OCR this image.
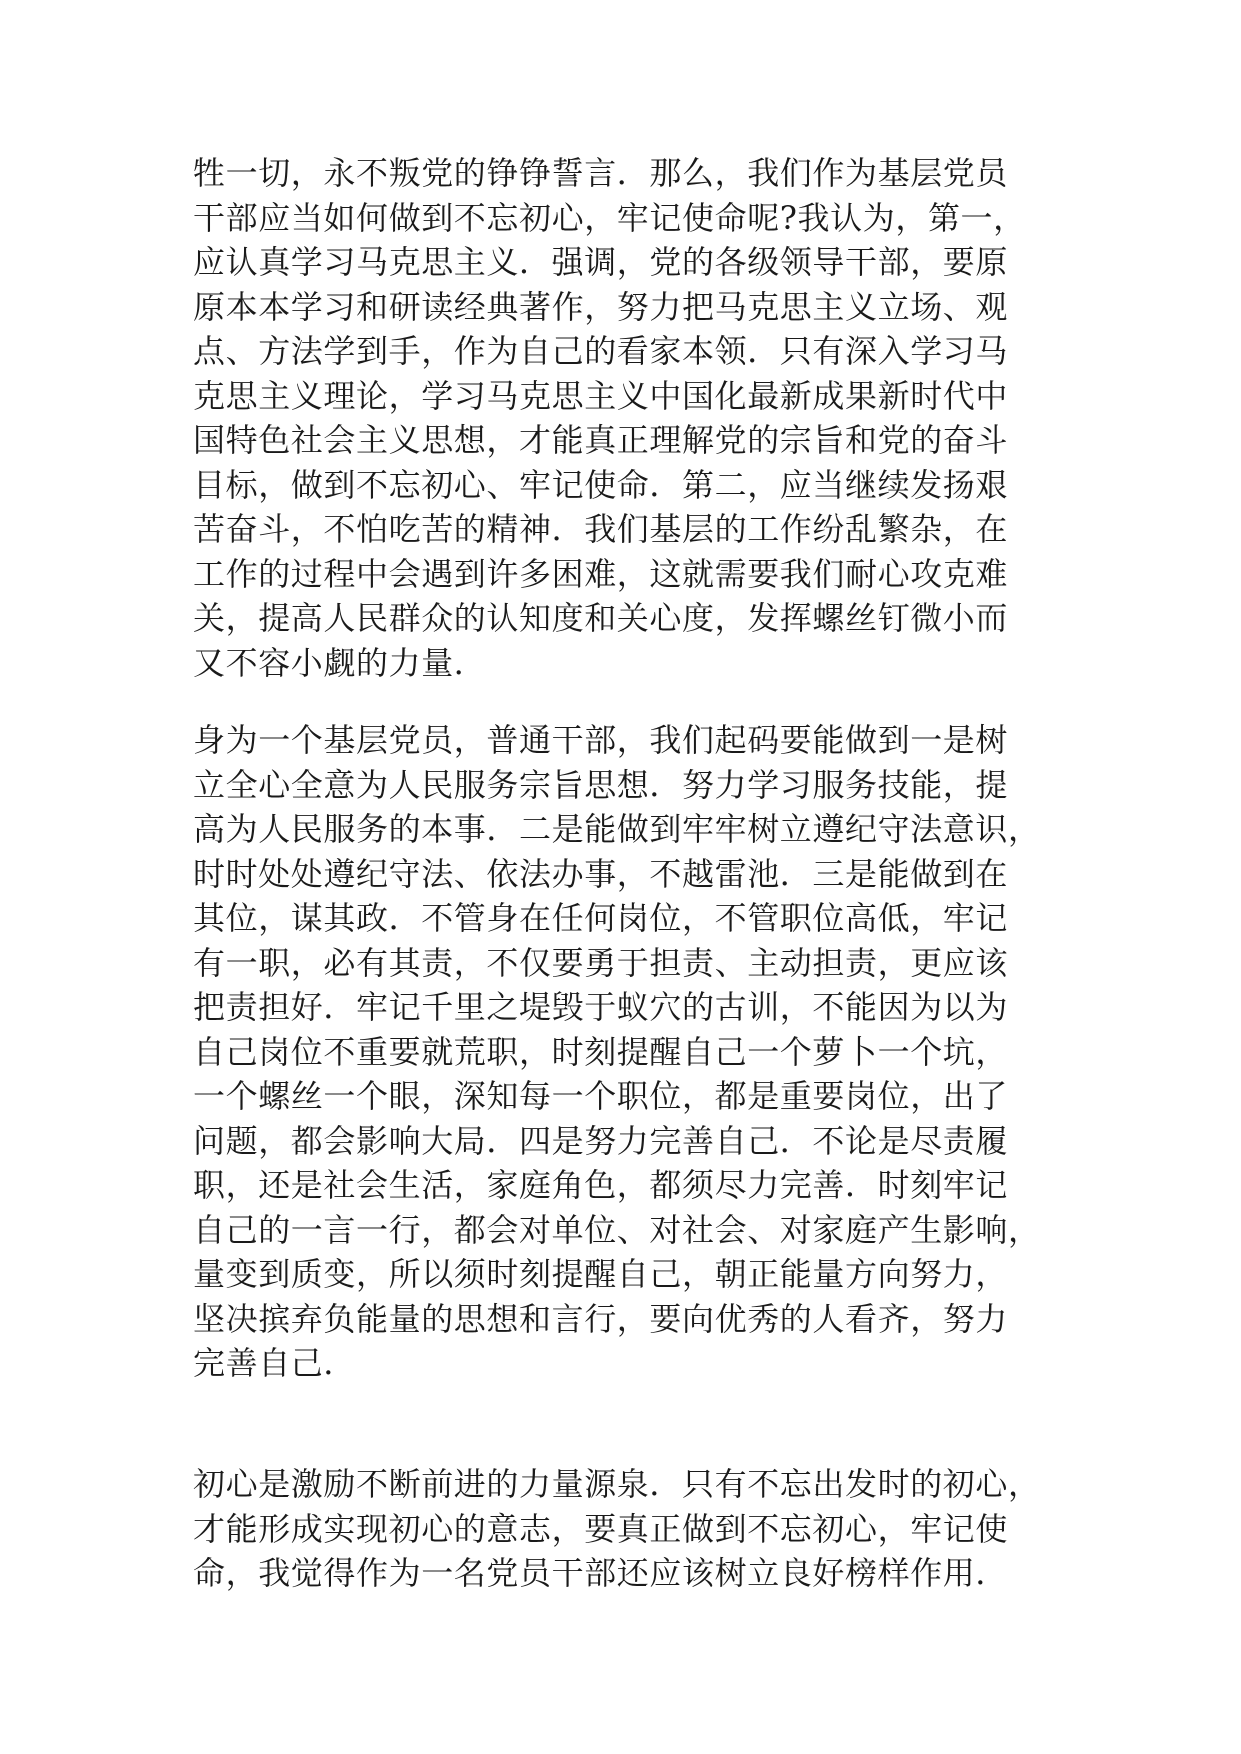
牲一切，永不叛党的铮铮誓言．那么，我们作为基层党员
干部应当如何做到不忘初心，牢记使命呢?我认为，第一，
应认真学习马克思主义．强调，党的各级领导干部，要原
原本本学习和研读经典著作，努力把马克思主义立场、观
点、方法学到手，作为自己的看家本领．只有深入学习马
克思主义理论，学习马克思主义中国化最新成果新时代中
国特色社会主义思想，才能真正理解党的宗旨和党的奋斗
目标，做到不忘初心、牢记使命．第二，应当继续发扬艰
苦奋斗，不怕吃苦的精神．我们基层的工作纷乱繁杂，在
工作的过程中会遇到许多困难，这就需要我们耐心攻克难
关，提高人民群众的认知度和关心度，发挥螺丝钉微小而
又不容小觑的力量．
身为一个基层党员，普通干部，我们起码要能做到一是树
立全心全意为人民服务宗旨思想．努力学习服务技能，提
高为人民服务的本事．二是能做到牢牢树立遵纪守法意识，
时时处处遵纪守法、依法办事，不越雷池．三是能做到在
其位，谋其政．不管身在任何岗位，不管职位高低，牢记
有一职，必有其责，不仅要勇于担责、主动担责，更应该
把责担好．牢记千里之堤毁于蚁穴的古训，不能因为以为
自己岗位不重要就荒职，时刻提醒自己一个萝卜一个坑，
一个螺丝一个眼，深知每一个职位，都是重要岗位，出了
问题，都会影响大局．四是努力完善自己．不论是尽责履
职，还是社会生活，家庭角色，都须尽力完善．时刻牢记
自己的一言一行，都会对单位、对社会、对家庭产生影响，
量变到质变，所以须时刻提醒自己，朝正能量方向努力，
坚决摈弃负能量的思想和言行，要向优秀的人看齐，努力
完善自己．
初心是激励不断前进的力量源泉．只有不忘出发时的初心，
才能形成实现初心的意志，要真正做到不忘初心，牢记使
命，我觉得作为一名党员干部还应该树立良好榜样作用．
